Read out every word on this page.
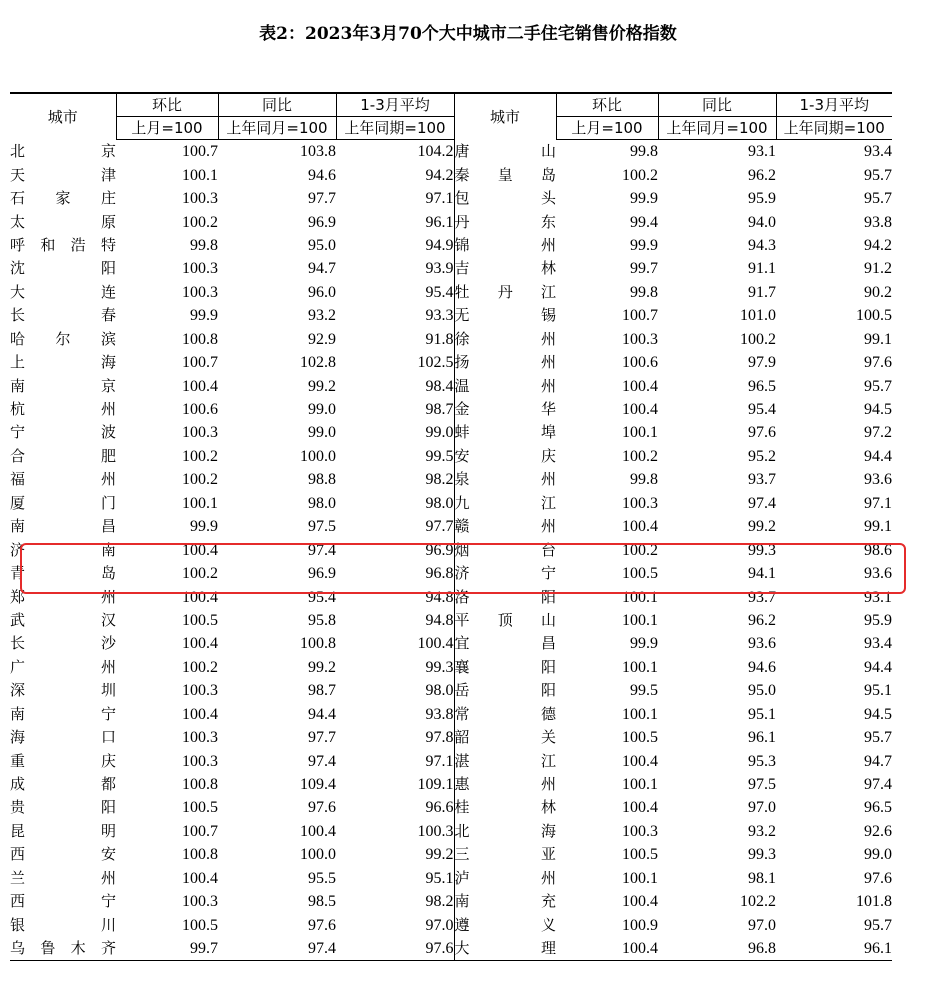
表2：2023年3月70个大中城市二手住宅销售价格指数
城市	环比	同比	1-3月平均	城市	环比	同比	1-3月平均
	上月=100	上年同月=100	上年同期=100		上月=100	上年同月=100	上年同期=100
北京	100.7	103.8	104.2	唐山	99.8	93.1	93.4
天津	100.1	94.6	94.2	秦皇岛	100.2	96.2	95.7
石家庄	100.3	97.7	97.1	包头	99.9	95.9	95.7
太原	100.2	96.9	96.1	丹东	99.4	94.0	93.8
呼和浩特	99.8	95.0	94.9	锦州	99.9	94.3	94.2
沈阳	100.3	94.7	93.9	吉林	99.7	91.1	91.2
大连	100.3	96.0	95.4	牡丹江	99.8	91.7	90.2
长春	99.9	93.2	93.3	无锡	100.7	101.0	100.5
哈尔滨	100.8	92.9	91.8	徐州	100.3	100.2	99.1
上海	100.7	102.8	102.5	扬州	100.6	97.9	97.6
南京	100.4	99.2	98.4	温州	100.4	96.5	95.7
杭州	100.6	99.0	98.7	金华	100.4	95.4	94.5
宁波	100.3	99.0	99.0	蚌埠	100.1	97.6	97.2
合肥	100.2	100.0	99.5	安庆	100.2	95.2	94.4
福州	100.2	98.8	98.2	泉州	99.8	93.7	93.6
厦门	100.1	98.0	98.0	九江	100.3	97.4	97.1
南昌	99.9	97.5	97.7	赣州	100.4	99.2	99.1
济南	100.4	97.4	96.9	烟台	100.2	99.3	98.6
青岛	100.2	96.9	96.8	济宁	100.5	94.1	93.6
郑州	100.4	95.4	94.8	洛阳	100.1	93.7	93.1
武汉	100.5	95.8	94.8	平顶山	100.1	96.2	95.9
长沙	100.4	100.8	100.4	宜昌	99.9	93.6	93.4
广州	100.2	99.2	99.3	襄阳	100.1	94.6	94.4
深圳	100.3	98.7	98.0	岳阳	99.5	95.0	95.1
南宁	100.4	94.4	93.8	常德	100.1	95.1	94.5
海口	100.3	97.7	97.8	韶关	100.5	96.1	95.7
重庆	100.3	97.4	97.1	湛江	100.4	95.3	94.7
成都	100.8	109.4	109.1	惠州	100.1	97.5	97.4
贵阳	100.5	97.6	96.6	桂林	100.4	97.0	96.5
昆明	100.7	100.4	100.3	北海	100.3	93.2	92.6
西安	100.8	100.0	99.2	三亚	100.5	99.3	99.0
兰州	100.4	95.5	95.1	泸州	100.1	98.1	97.6
西宁	100.3	98.5	98.2	南充	100.4	102.2	101.8
银川	100.5	97.6	97.0	遵义	100.9	97.0	95.7
乌鲁木齐	99.7	97.4	97.6	大理	100.4	96.8	96.1
